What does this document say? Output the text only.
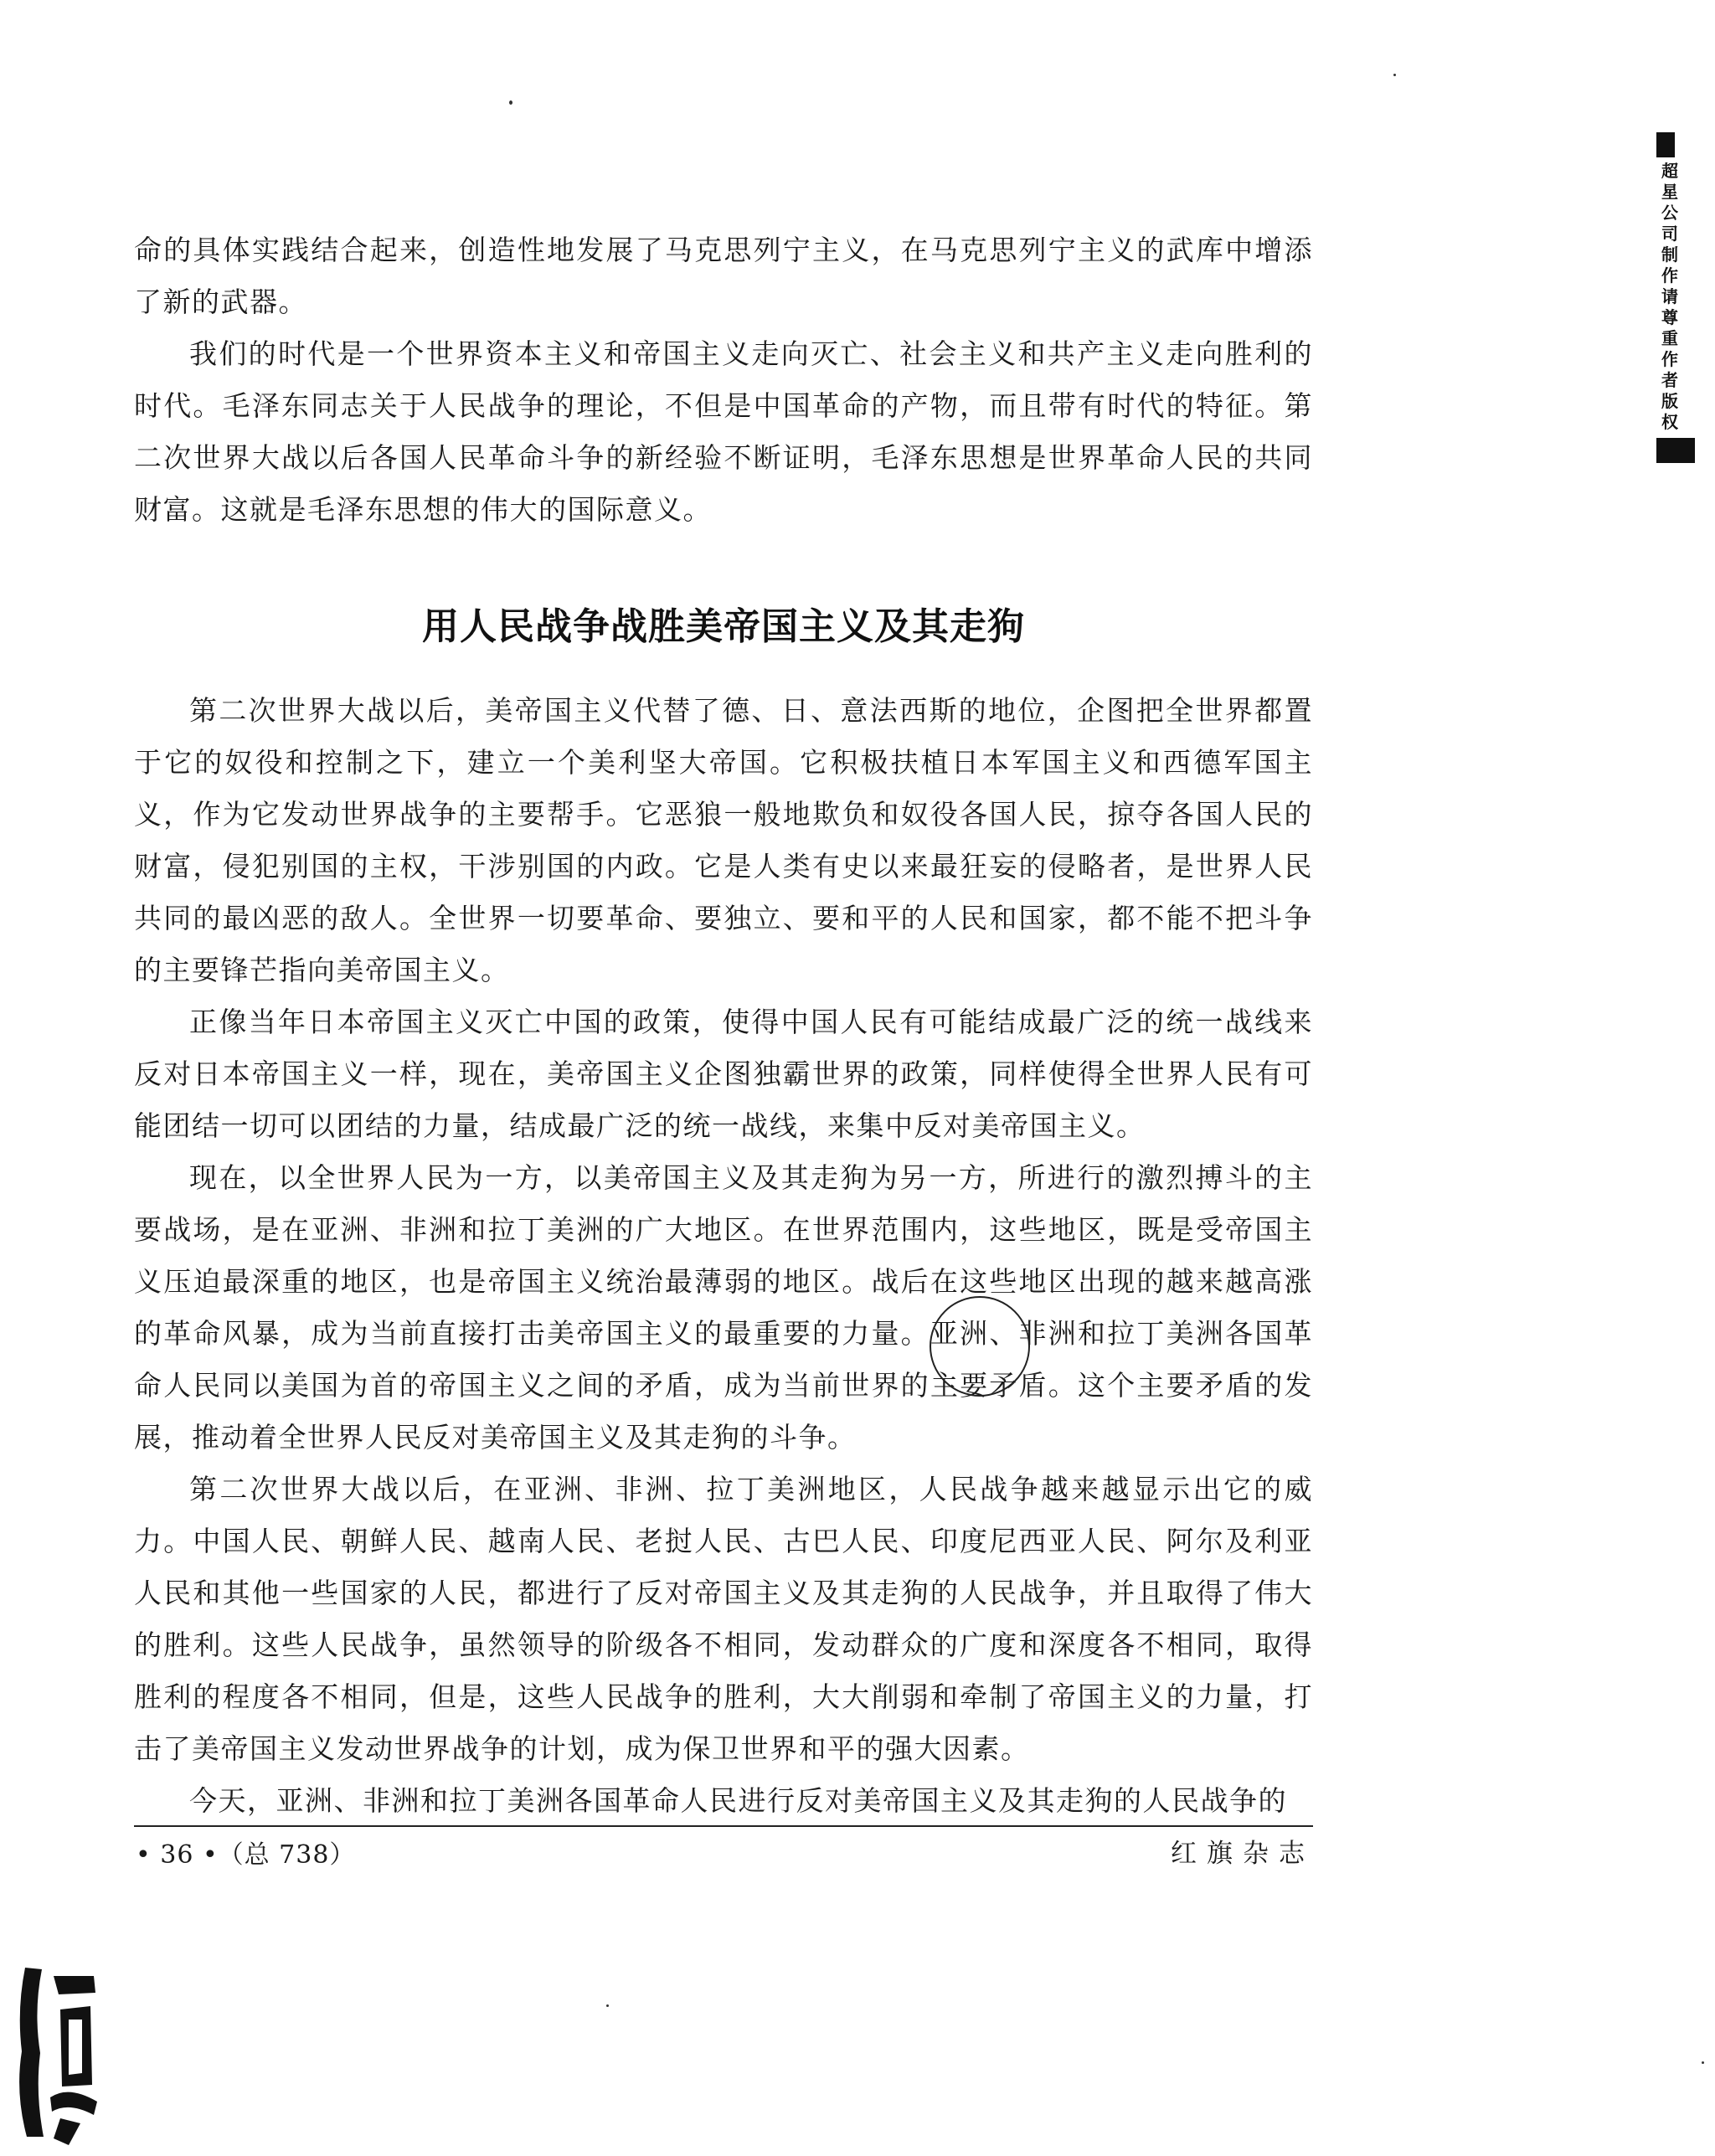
命的具体实践结合起来，创造性地发展了马克思列宁主义，在马克思列宁主义的武库中增添了新的武器。

我们的时代是一个世界资本主义和帝国主义走向灭亡、社会主义和共产主义走向胜利的时代。毛泽东同志关于人民战争的理论，不但是中国革命的产物，而且带有时代的特征。第二次世界大战以后各国人民革命斗争的新经验不断证明，毛泽东思想是世界革命人民的共同财富。这就是毛泽东思想的伟大的国际意义。

用人民战争战胜美帝国主义及其走狗

第二次世界大战以后，美帝国主义代替了德、日、意法西斯的地位，企图把全世界都置于它的奴役和控制之下，建立一个美利坚大帝国。它积极扶植日本军国主义和西德军国主义，作为它发动世界战争的主要帮手。它恶狼一般地欺负和奴役各国人民，掠夺各国人民的财富，侵犯别国的主权，干涉别国的内政。它是人类有史以来最狂妄的侵略者，是世界人民共同的最凶恶的敌人。全世界一切要革命、要独立、要和平的人民和国家，都不能不把斗争的主要锋芒指向美帝国主义。

正像当年日本帝国主义灭亡中国的政策，使得中国人民有可能结成最广泛的统一战线来反对日本帝国主义一样，现在，美帝国主义企图独霸世界的政策，同样使得全世界人民有可能团结一切可以团结的力量，结成最广泛的统一战线，来集中反对美帝国主义。

现在，以全世界人民为一方，以美帝国主义及其走狗为另一方，所进行的激烈搏斗的主要战场，是在亚洲、非洲和拉丁美洲的广大地区。在世界范围内，这些地区，既是受帝国主义压迫最深重的地区，也是帝国主义统治最薄弱的地区。战后在这些地区出现的越来越高涨的革命风暴，成为当前直接打击美帝国主义的最重要的力量。亚洲、非洲和拉丁美洲各国革命人民同以美国为首的帝国主义之间的矛盾，成为当前世界的主要矛盾。这个主要矛盾的发展，推动着全世界人民反对美帝国主义及其走狗的斗争。

第二次世界大战以后，在亚洲、非洲、拉丁美洲地区，人民战争越来越显示出它的威力。中国人民、朝鲜人民、越南人民、老挝人民、古巴人民、印度尼西亚人民、阿尔及利亚人民和其他一些国家的人民，都进行了反对帝国主义及其走狗的人民战争，并且取得了伟大的胜利。这些人民战争，虽然领导的阶级各不相同，发动群众的广度和深度各不相同，取得胜利的程度各不相同，但是，这些人民战争的胜利，大大削弱和牵制了帝国主义的力量，打击了美帝国主义发动世界战争的计划，成为保卫世界和平的强大因素。

今天，亚洲、非洲和拉丁美洲各国革命人民进行反对美帝国主义及其走狗的人民战争的

• 36 •（总 738）	红旗杂志
超星公司制作请尊重作者版权
